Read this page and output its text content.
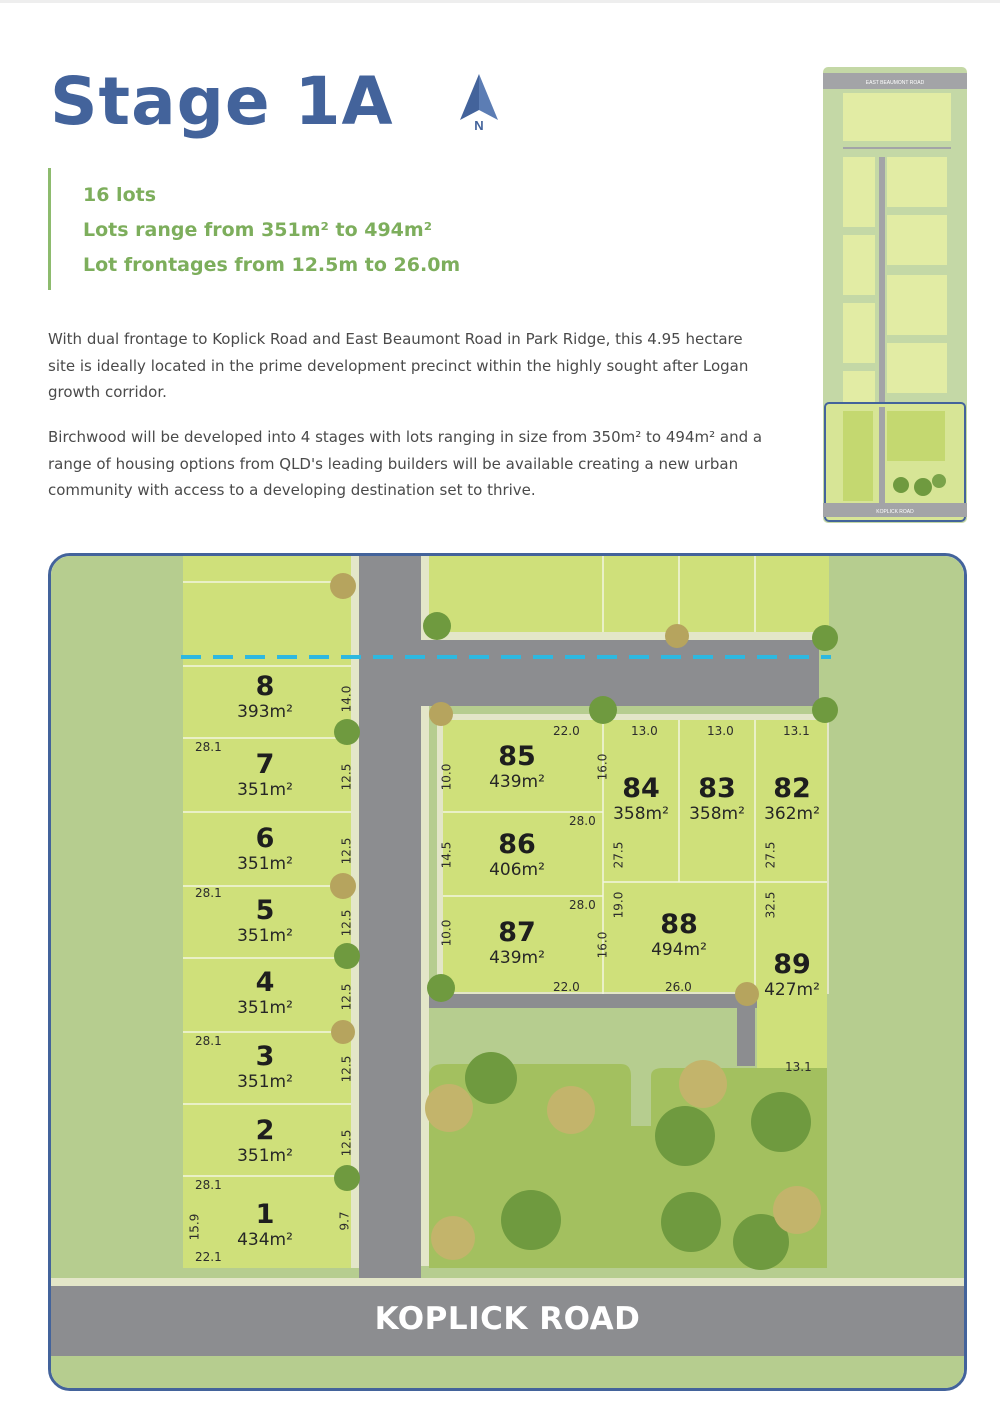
Stage 1A	N
16 lots
Lots range from 351m² to 494m²
Lot frontages from 12.5m to 26.0m

With dual frontage to Koplick Road and East Beaumont Road in Park Ridge, this 4.95 hectare site is ideally located in the prime development precinct within the highly sought after Logan growth corridor.

Birchwood will be developed into 4 stages with lots ranging in size from 350m² to 494m² and a range of housing options from QLD's leading builders will be available creating a new urban community with access to a developing destination set to thrive.

EAST BEAUMONT ROAD
KOPLICK ROAD
8
393m²
7
351m²
6
351m²
5
351m²
4
351m²
3
351m²
2
351m²
1
434m²
85
439m²	84
358m²
83
358m²
82
362m²
86
406m²
87
439m²
88
494m²	89
427m²
14.0
12.5
12.5
12.5
12.5
12.5
12.5
9.7
15.9
22.1
28.1
28.1
28.1
28.1
22.0	13.0	13.0	13.1
10.0	16.0
28.0
14.5	27.5	27.5
28.0 19.0	32.5
10.0	16.0
22.0	26.0
13.1
KOPLICK ROAD
